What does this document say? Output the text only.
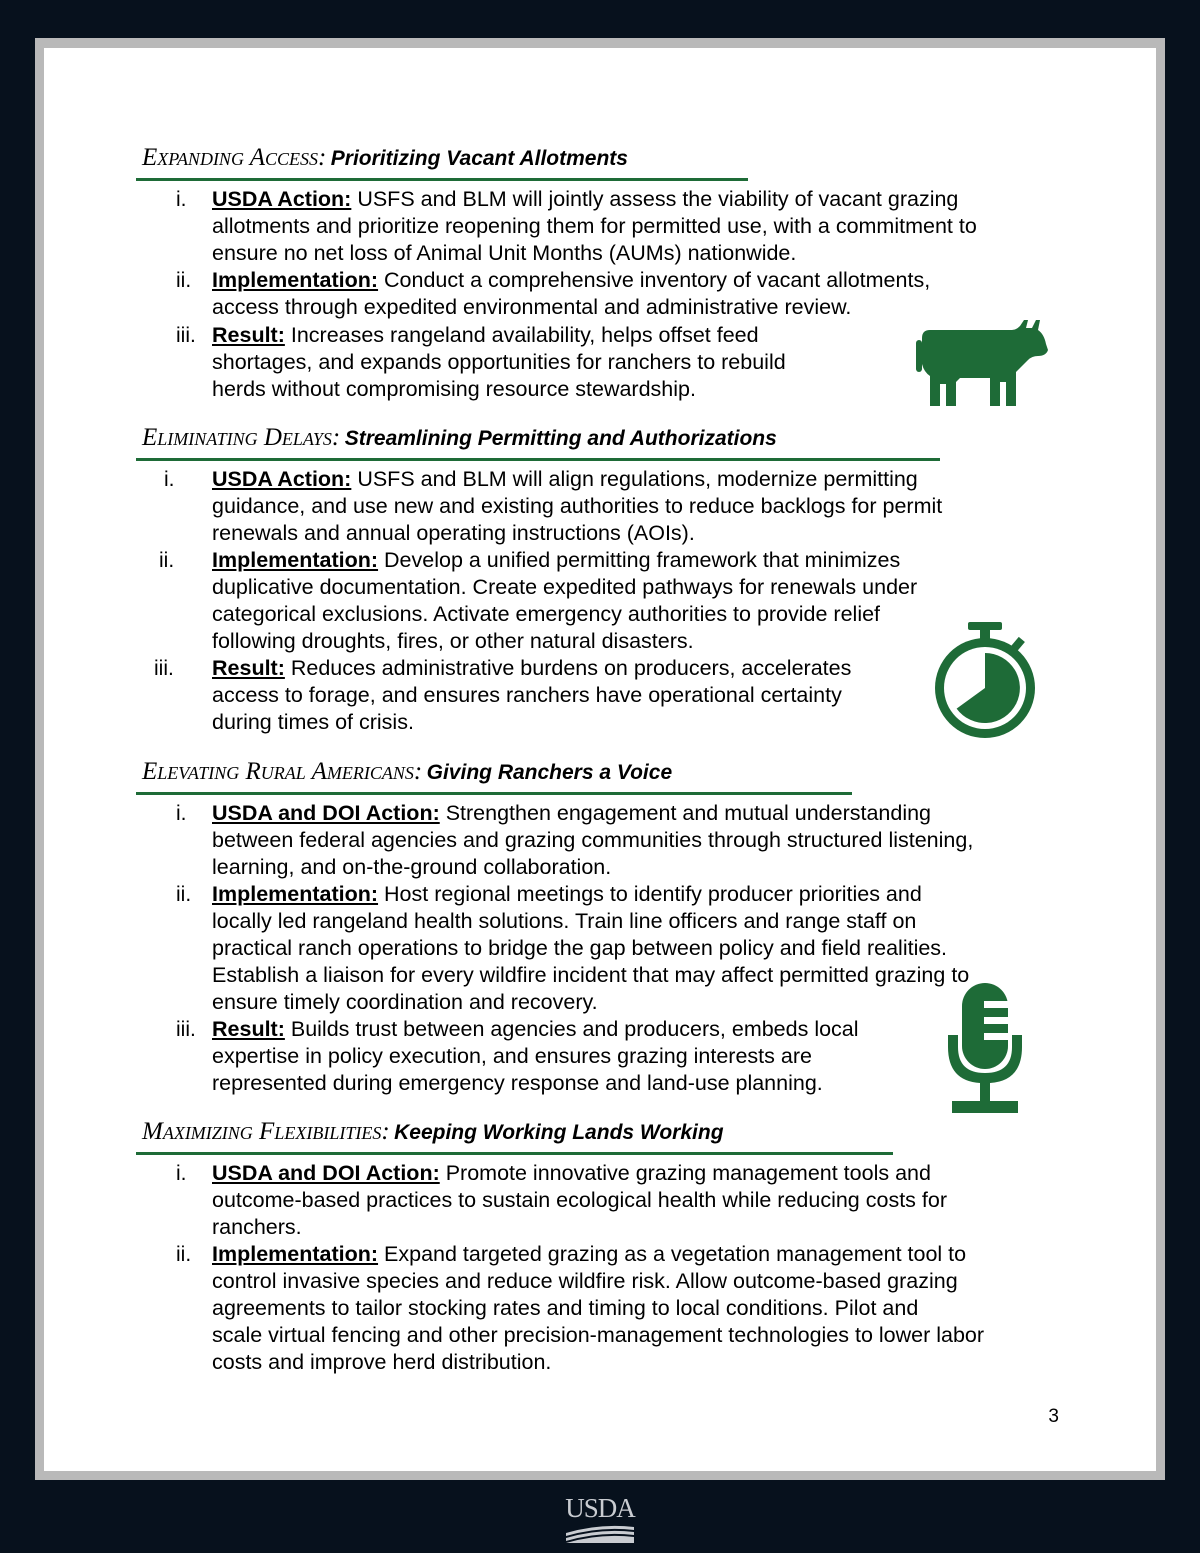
Expanding Access: Prioritizing Vacant Allotments
i. USDA Action: USFS and BLM will jointly assess the viability of vacant grazing
allotments and prioritize reopening them for permitted use, with a commitment to
ensure no net loss of Animal Unit Months (AUMs) nationwide.
ii. Implementation: Conduct a comprehensive inventory of vacant allotments,
access through expedited environmental and administrative review.
iii. Result: Increases rangeland availability, helps offset feed
shortages, and expands opportunities for ranchers to rebuild
herds without compromising resource stewardship.
Eliminating Delays: Streamlining Permitting and Authorizations
i. USDA Action: USFS and BLM will align regulations, modernize permitting
guidance, and use new and existing authorities to reduce backlogs for permit
renewals and annual operating instructions (AOIs).
ii. Implementation: Develop a unified permitting framework that minimizes
duplicative documentation. Create expedited pathways for renewals under
categorical exclusions. Activate emergency authorities to provide relief
following droughts, fires, or other natural disasters.
iii. Result: Reduces administrative burdens on producers, accelerates
access to forage, and ensures ranchers have operational certainty
during times of crisis.
Elevating Rural Americans: Giving Ranchers a Voice
i. USDA and DOI Action: Strengthen engagement and mutual understanding
between federal agencies and grazing communities through structured listening,
learning, and on-the-ground collaboration.
ii. Implementation: Host regional meetings to identify producer priorities and
locally led rangeland health solutions. Train line officers and range staff on
practical ranch operations to bridge the gap between policy and field realities.
Establish a liaison for every wildfire incident that may affect permitted grazing to
ensure timely coordination and recovery.
iii. Result: Builds trust between agencies and producers, embeds local
expertise in policy execution, and ensures grazing interests are
represented during emergency response and land-use planning.
Maximizing Flexibilities: Keeping Working Lands Working
i. USDA and DOI Action: Promote innovative grazing management tools and
outcome-based practices to sustain ecological health while reducing costs for
ranchers.
ii. Implementation: Expand targeted grazing as a vegetation management tool to
control invasive species and reduce wildfire risk. Allow outcome-based grazing
agreements to tailor stocking rates and timing to local conditions. Pilot and
scale virtual fencing and other precision-management technologies to lower labor
costs and improve herd distribution.
3
USDA
